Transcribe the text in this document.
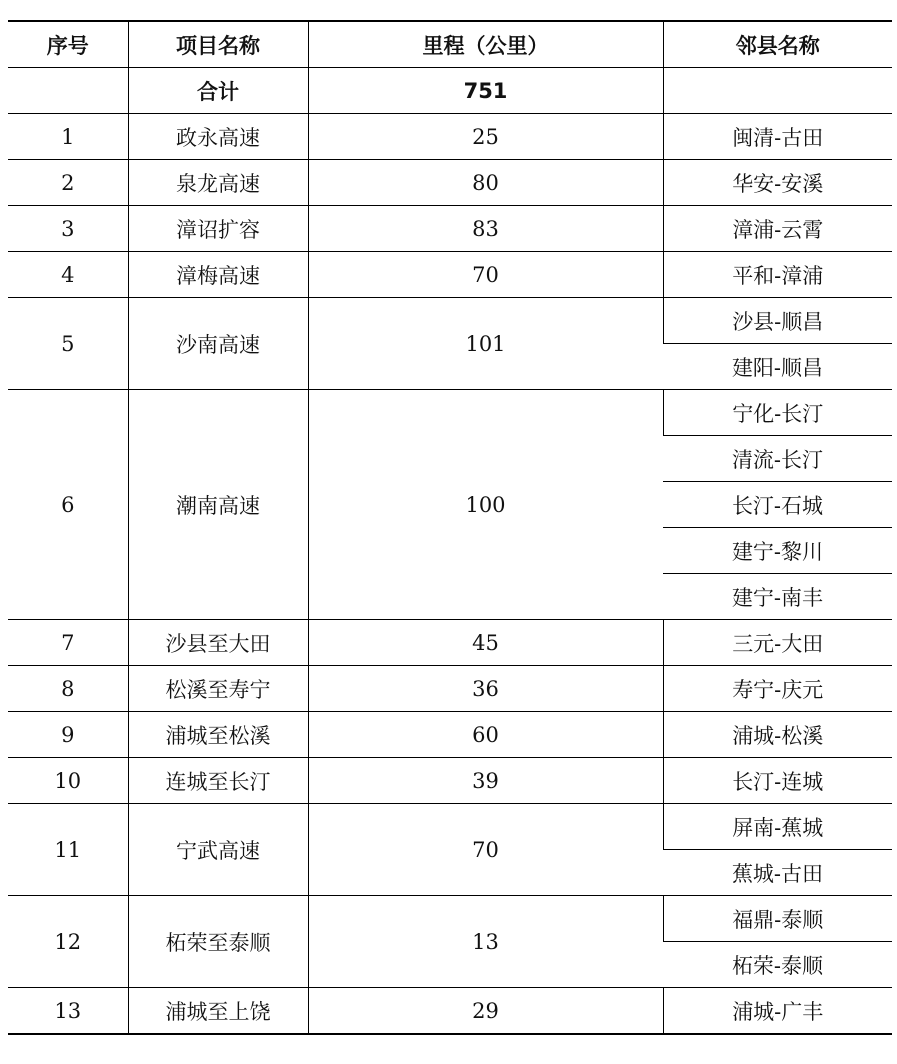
序号	项目名称	里程（公里）	邻县名称
	合计	751	
1	政永高速	25	闽清-古田
2	泉龙高速	80	华安-安溪
3	漳诏扩容	83	漳浦-云霄
4	漳梅高速	70	平和-漳浦
5	沙南高速	101	沙县-顺昌
			建阳-顺昌
6	潮南高速	100	宁化-长汀
			清流-长汀
			长汀-石城
			建宁-黎川
			建宁-南丰
7	沙县至大田	45	三元-大田
8	松溪至寿宁	36	寿宁-庆元
9	浦城至松溪	60	浦城-松溪
10	连城至长汀	39	长汀-连城
11	宁武高速	70	屏南-蕉城
			蕉城-古田
12	柘荣至泰顺	13	福鼎-泰顺
			柘荣-泰顺
13	浦城至上饶	29	浦城-广丰
